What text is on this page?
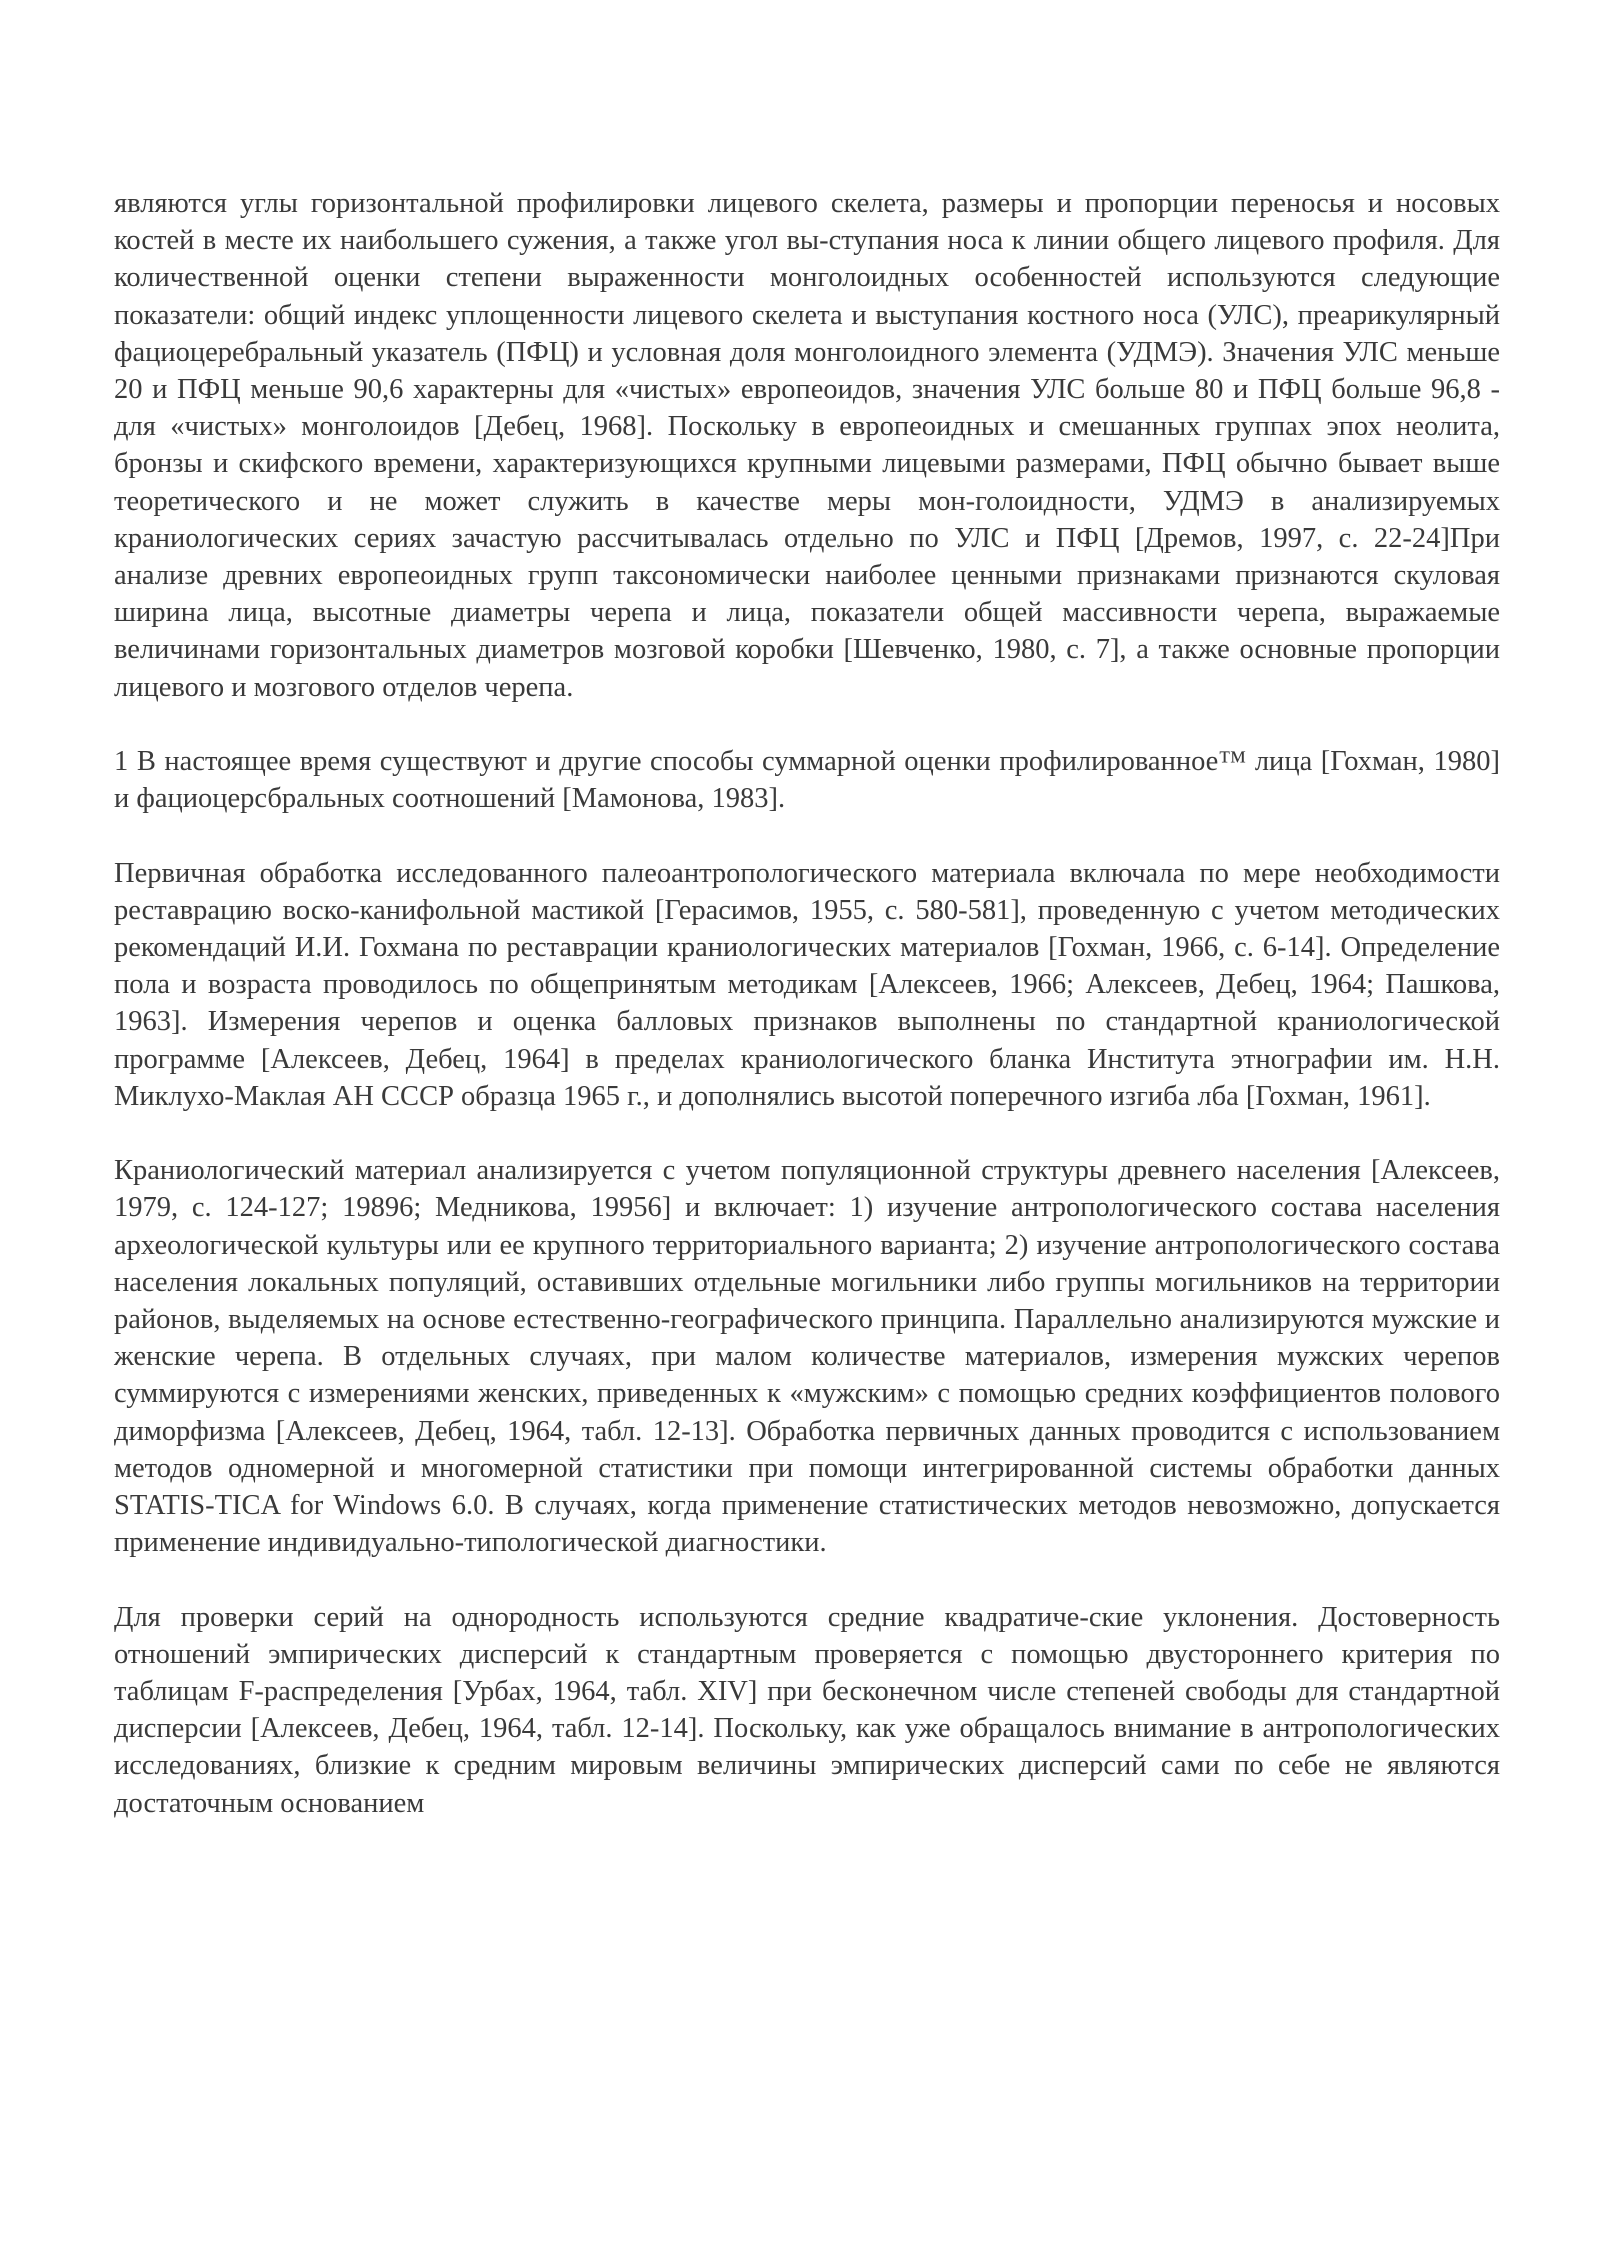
являются углы горизонтальной профилировки лицевого скелета, размеры и пропорции переносья и носовых костей в месте их наибольшего сужения, а также угол вы-ступания носа к линии общего лицевого профиля. Для количественной оценки степени выраженности монголоидных особенностей используются следующие показатели: общий индекс уплощенности лицевого скелета и выступания костного носа (УЛС), преарикулярный фациоцеребральный указатель (ПФЦ) и условная доля монголоидного элемента (УДМЭ). Значения УЛС меньше 20 и ПФЦ меньше 90,6 характерны для «чистых» европеоидов, значения УЛС больше 80 и ПФЦ больше 96,8 - для «чистых» монголоидов [Дебец, 1968]. Поскольку в европеоидных и смешанных группах эпох неолита, бронзы и скифского времени, характеризующихся крупными лицевыми размерами, ПФЦ обычно бывает выше теоретического и не может служить в качестве меры мон-голоидности, УДМЭ в анализируемых краниологических сериях зачастую рассчитывалась отдельно по УЛС и ПФЦ [Дремов, 1997, с. 22-24]При анализе древних европеоидных групп таксономически наиболее ценными признаками признаются скуловая ширина лица, высотные диаметры черепа и лица, показатели общей массивности черепа, выражаемые величинами горизонтальных диаметров мозговой коробки [Шевченко, 1980, с. 7], а также основные пропорции лицевого и мозгового отделов черепа.

1 В настоящее время существуют и другие способы суммарной оценки профилированное™ лица [Гохман, 1980] и фациоцерсбральных соотношений [Мамонова, 1983].

Первичная обработка исследованного палеоантропологического материала включала по мере необходимости реставрацию воско-канифольной мастикой [Герасимов, 1955, с. 580-581], проведенную с учетом методических рекомендаций И.И. Гохмана по реставрации краниологических материалов [Гохман, 1966, с. 6-14]. Определение пола и возраста проводилось по общепринятым методикам [Алексеев, 1966; Алексеев, Дебец, 1964; Пашкова, 1963]. Измерения черепов и оценка балловых признаков выполнены по стандартной краниологической программе [Алексеев, Дебец, 1964] в пределах краниологического бланка Института этнографии им. Н.Н. Миклухо-Маклая АН СССР образца 1965 г., и дополнялись высотой поперечного изгиба лба [Гохман, 1961].

Краниологический материал анализируется с учетом популяционной структуры древнего населения [Алексеев, 1979, с. 124-127; 19896; Медникова, 19956] и включает: 1) изучение антропологического состава населения археологической культуры или ее крупного территориального варианта; 2) изучение антропологического состава населения локальных популяций, оставивших отдельные могильники либо группы могильников на территории районов, выделяемых на основе естественно-географического принципа. Параллельно анализируются мужские и женские черепа. В отдельных случаях, при малом количестве материалов, измерения мужских черепов суммируются с измерениями женских, приведенных к «мужским» с помощью средних коэффициентов полового диморфизма [Алексеев, Дебец, 1964, табл. 12-13]. Обработка первичных данных проводится с использованием методов одномерной и многомерной статистики при помощи интегрированной системы обработки данных STATIS-TICA for Windows 6.0. В случаях, когда применение статистических методов невозможно, допускается применение индивидуально-типологической диагностики.

Для проверки серий на однородность используются средние квадратиче-ские уклонения. Достоверность отношений эмпирических дисперсий к стандартным проверяется с помощью двустороннего критерия по таблицам F-распределения [Урбах, 1964, табл. XIV] при бесконечном числе степеней свободы для стандартной дисперсии [Алексеев, Дебец, 1964, табл. 12-14]. Поскольку, как уже обращалось внимание в антропологических исследованиях, близкие к средним мировым величины эмпирических дисперсий сами по себе не являются достаточным основанием
